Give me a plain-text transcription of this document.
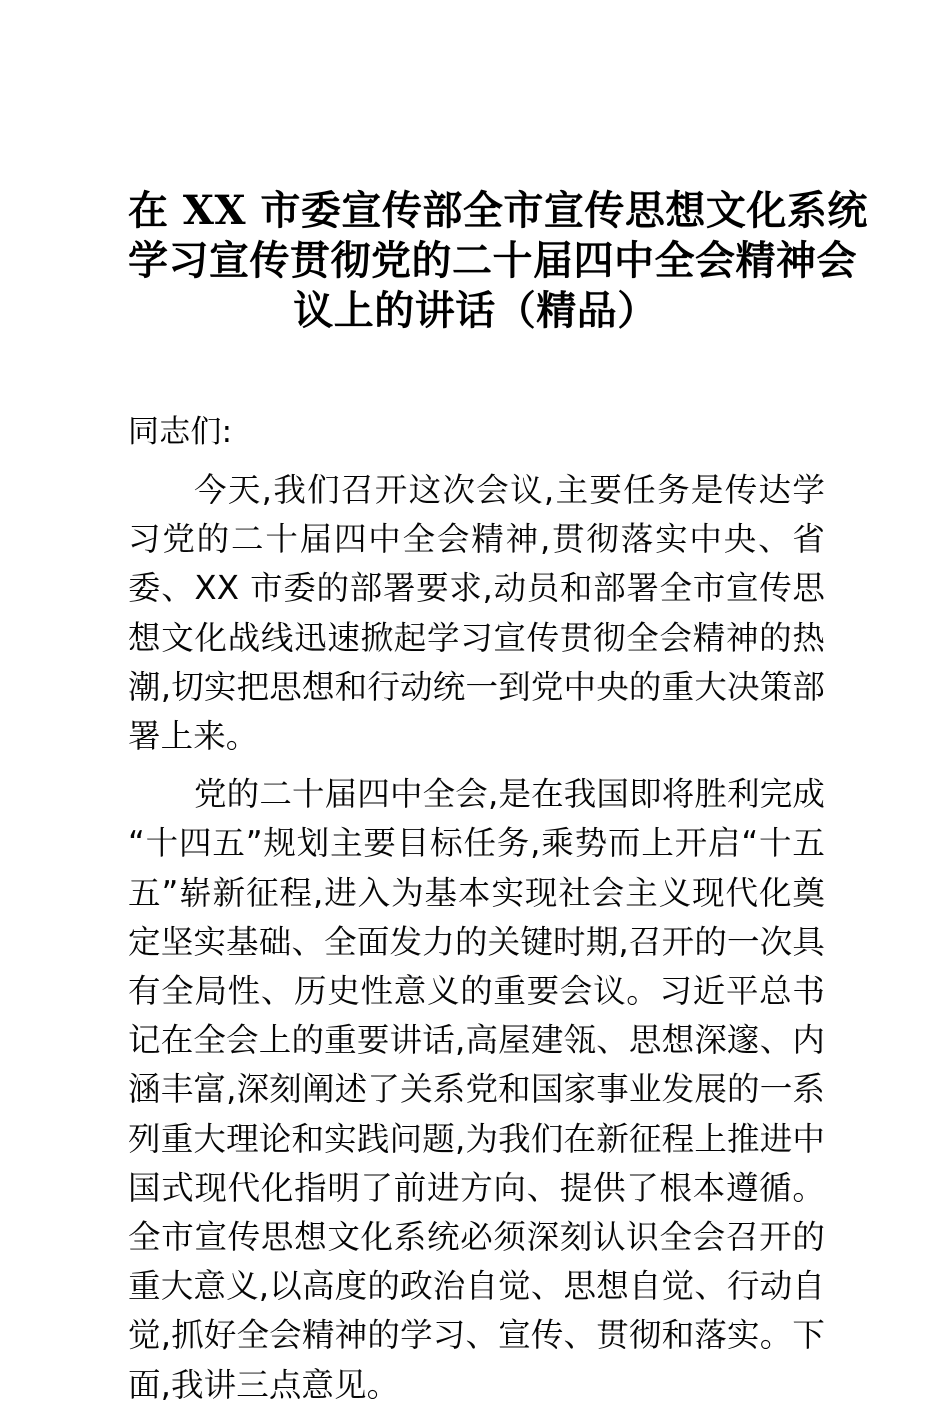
在 XX 市委宣传部全市宣传思想文化系统
学习宣传贯彻党的二十届四中全会精神会
议上的讲话（精品）

同志们:

今天,我们召开这次会议,主要任务是传达学习党的二十届四中全会精神,贯彻落实中央、省委、XX 市委的部署要求,动员和部署全市宣传思想文化战线迅速掀起学习宣传贯彻全会精神的热潮,切实把思想和行动统一到党中央的重大决策部署上来。

党的二十届四中全会,是在我国即将胜利完成“十四五”规划主要目标任务,乘势而上开启“十五五”崭新征程,进入为基本实现社会主义现代化奠定坚实基础、全面发力的关键时期,召开的一次具有全局性、历史性意义的重要会议。习近平总书记在全会上的重要讲话,高屋建瓴、思想深邃、内涵丰富,深刻阐述了关系党和国家事业发展的一系列重大理论和实践问题,为我们在新征程上推进中国式现代化指明了前进方向、提供了根本遵循。全市宣传思想文化系统必须深刻认识全会召开的重大意义,以高度的政治自觉、思想自觉、行动自觉,抓好全会精神的学习、宣传、贯彻和落实。下面,我讲三点意见。
